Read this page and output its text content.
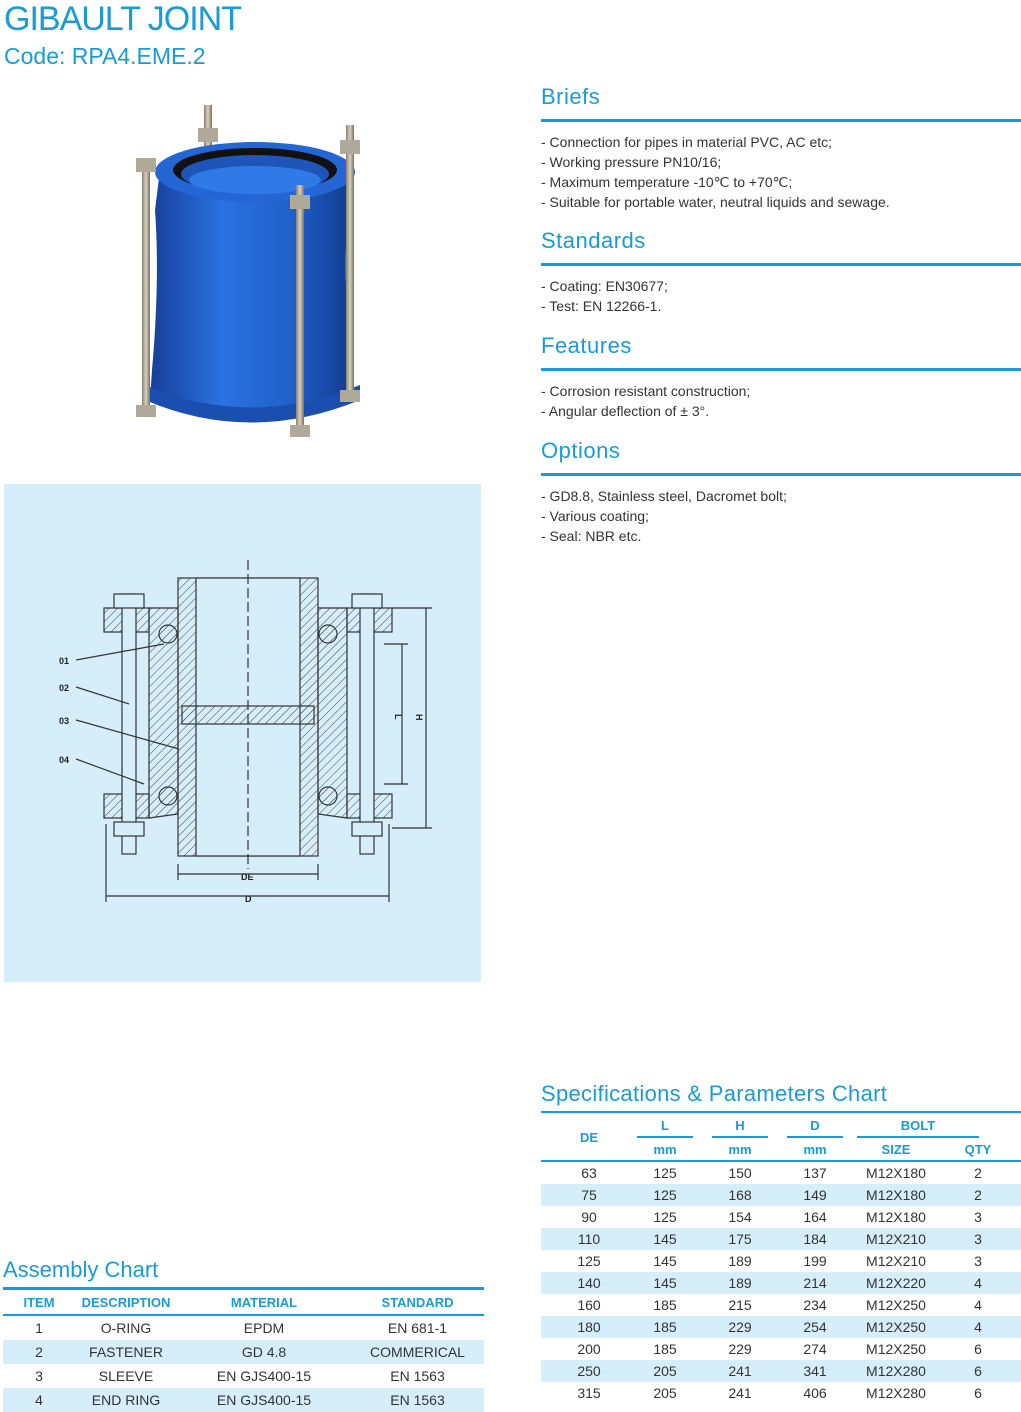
GIBAULT JOINT
Code: RPA4.EME.2
01
02
03
04
DE
D
L H
Briefs
- Connection for pipes in material PVC, AC etc;
- Working pressure PN10/16;
- Maximum temperature -10℃ to +70℃;
- Suitable for portable water, neutral liquids and sewage.
Standards
- Coating: EN30677;
- Test: EN 12266-1.
Features
- Corrosion resistant construction;
- Angular deflection of ± 3°.
Options
- GD8.8, Stainless steel, Dacromet bolt;
- Various coating;
- Seal: NBR etc.
Specifications & Parameters Chart
DE	L		H		D		BOLT		
	mm		mm		mm		SIZE	QTY	

63	125		150		137		M12X180	2	
75	125		168		149		M12X180	2	
90	125		154		164		M12X180	3	
110	145		175		184		M12X210	3	
125	145		189		199		M12X210	3	
140	145		189		214		M12X220	4	
160	185		215		234		M12X250	4	
180	185		229		254		M12X250	4	
200	185		229		274		M12X250	6	
250	205		241		341		M12X280	6	
315	205		241		406		M12X280	6	
Assembly Chart
ITEM	DESCRIPTION	MATERIAL	STANDARD
1	O-RING	EPDM	EN 681-1
2	FASTENER	GD 4.8	COMMERICAL
3	SLEEVE	EN GJS400-15	EN 1563
4	END RING	EN GJS400-15	EN 1563
